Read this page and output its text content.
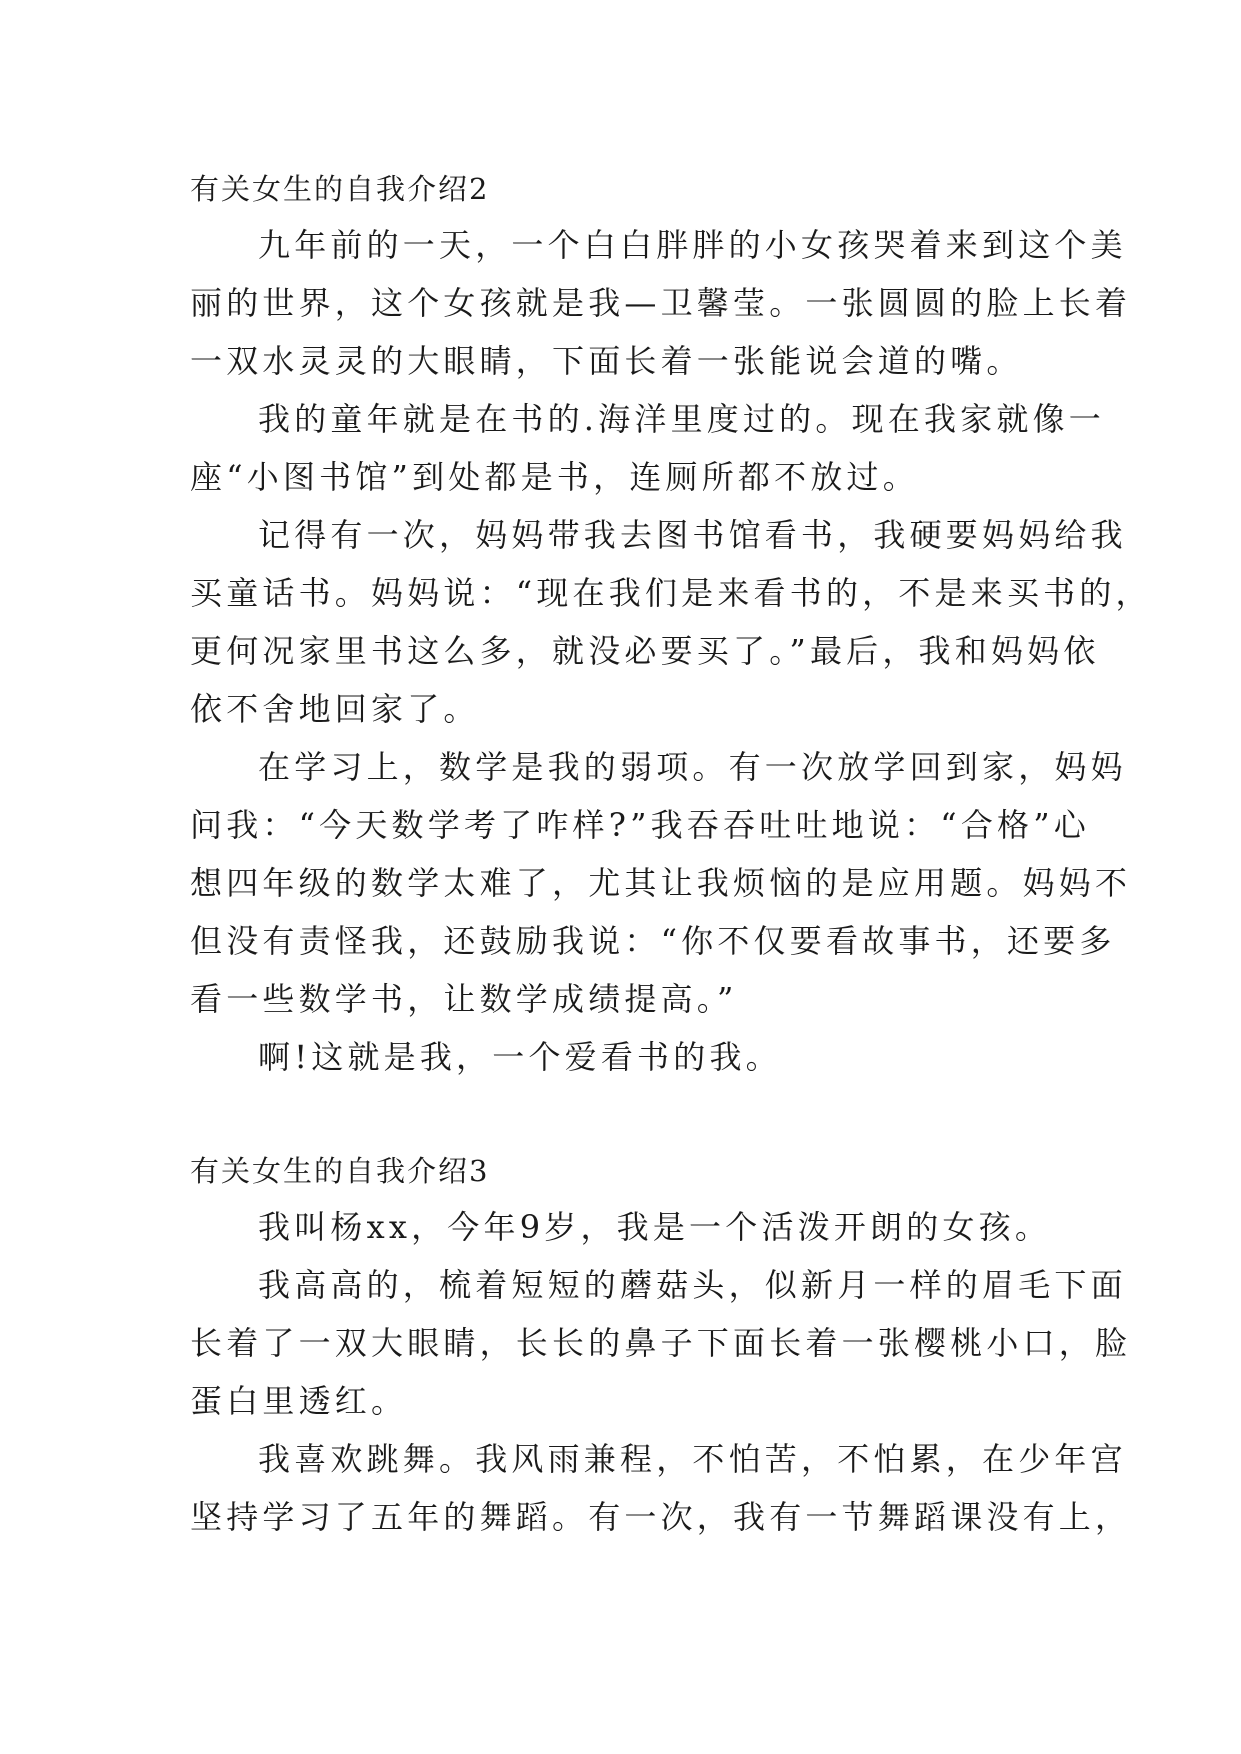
有关女生的自我介绍2

九年前的一天，一个白白胖胖的小女孩哭着来到这个美
丽的世界，这个女孩就是我—卫馨莹。一张圆圆的脸上长着
一双水灵灵的大眼睛，下面长着一张能说会道的嘴。

我的童年就是在书的.海洋里度过的。现在我家就像一
座“小图书馆”到处都是书，连厕所都不放过。

记得有一次，妈妈带我去图书馆看书，我硬要妈妈给我
买童话书。妈妈说：“现在我们是来看书的，不是来买书的，
更何况家里书这么多，就没必要买了。”最后，我和妈妈依
依不舍地回家了。

在学习上，数学是我的弱项。有一次放学回到家，妈妈
问我：“今天数学考了咋样?”我吞吞吐吐地说：“合格”心
想四年级的数学太难了，尤其让我烦恼的是应用题。妈妈不
但没有责怪我，还鼓励我说：“你不仅要看故事书，还要多
看一些数学书，让数学成绩提高。”

啊!这就是我，一个爱看书的我。

有关女生的自我介绍3

我叫杨xx，今年9岁，我是一个活泼开朗的女孩。

我高高的，梳着短短的蘑菇头，似新月一样的眉毛下面
长着了一双大眼睛，长长的鼻子下面长着一张樱桃小口，脸
蛋白里透红。

我喜欢跳舞。我风雨兼程，不怕苦，不怕累，在少年宫
坚持学习了五年的舞蹈。有一次，我有一节舞蹈课没有上，
